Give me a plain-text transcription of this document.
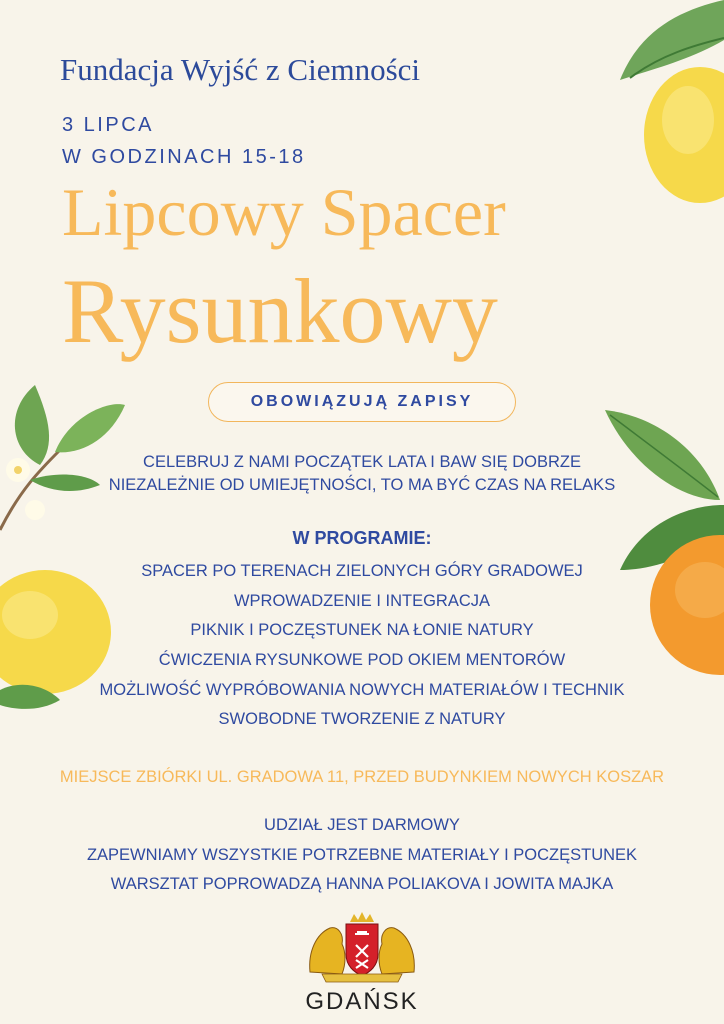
Fundacja Wyjść z Ciemności
3 LIPCA
W GODZINACH 15-18
Lipcowy Spacer
Rysunkowy
OBOWIĄZUJĄ ZAPISY
CELEBRUJ Z NAMI POCZĄTEK LATA I BAW SIĘ DOBRZE
NIEZALEŻNIE OD UMIEJĘTNOŚCI, TO MA BYĆ CZAS NA RELAKS
W PROGRAMIE:
SPACER PO TERENACH ZIELONYCH GÓRY GRADOWEJ
WPROWADZENIE I INTEGRACJA
PIKNIK I POCZĘSTUNEK NA ŁONIE NATURY
ĆWICZENIA RYSUNKOWE POD OKIEM MENTORÓW
MOŻLIWOŚĆ WYPRÓBOWANIA NOWYCH MATERIAŁÓW I TECHNIK
SWOBODNE TWORZENIE Z NATURY
MIEJSCE ZBIÓRKI UL. GRADOWA 11, PRZED BUDYNKIEM NOWYCH KOSZAR
UDZIAŁ JEST DARMOWY
ZAPEWNIAMY WSZYSTKIE POTRZEBNE MATERIAŁY I POCZĘSTUNEK
WARSZTAT POPROWADZĄ HANNA POLIAKOVA I JOWITA MAJKA
GDAŃSK
